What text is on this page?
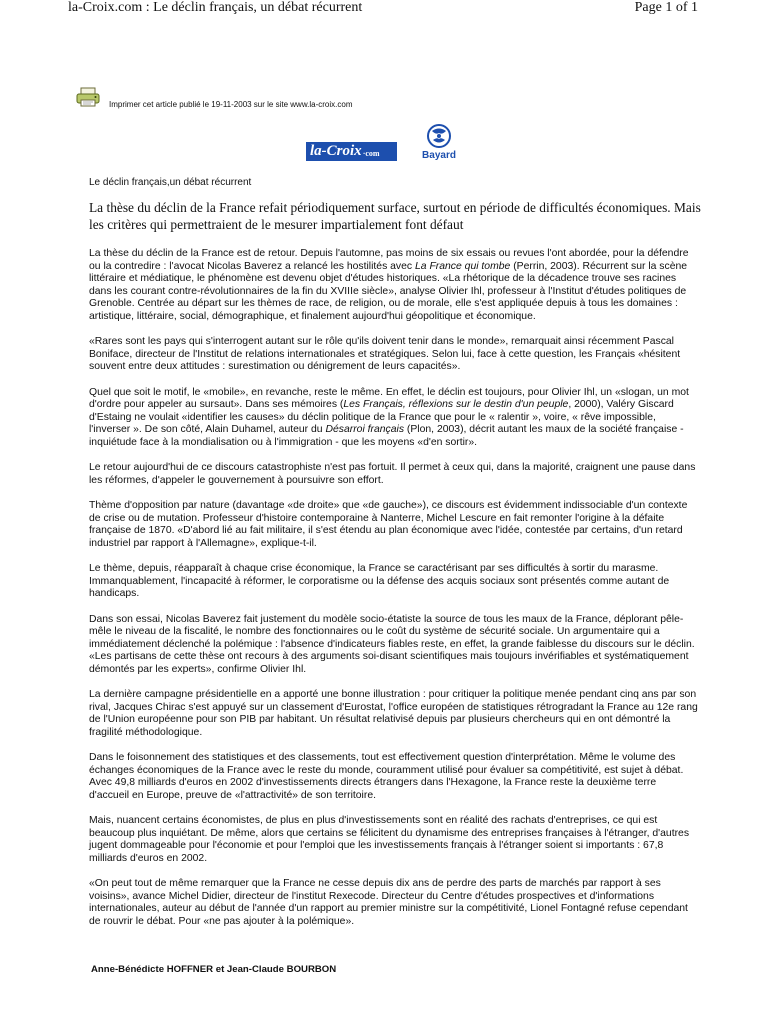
la-Croix.com : Le déclin français, un débat récurrent	Page 1 of 1
Imprimer cet article publié le 19-11-2003 sur le site www.la-croix.com
la-Croix ·com	Bayard
Le déclin français,un débat récurrent
La thèse du déclin de la France refait périodiquement surface, surtout en période de difficultés économiques. Mais les critères qui permettraient de le mesurer impartialement font défaut

La thèse du déclin de la France est de retour. Depuis l'automne, pas moins de six essais ou revues l'ont abordée, pour la défendre ou la contredire : l'avocat Nicolas Baverez a relancé les hostilités avec La France qui tombe (Perrin, 2003). Récurrent sur la scène littéraire et médiatique, le phénomène est devenu objet d'études historiques. «La rhétorique de la décadence trouve ses racines dans les courant contre-révolutionnaires de la fin du XVIIIe siècle», analyse Olivier Ihl, professeur à l'Institut d'études politiques de Grenoble. Centrée au départ sur les thèmes de race, de religion, ou de morale, elle s'est appliquée depuis à tous les domaines : artistique, littéraire, social, démographique, et finalement aujourd'hui géopolitique et économique.

«Rares sont les pays qui s'interrogent autant sur le rôle qu'ils doivent tenir dans le monde», remarquait ainsi récemment Pascal Boniface, directeur de l'Institut de relations internationales et stratégiques. Selon lui, face à cette question, les Français «hésitent souvent entre deux attitudes : surestimation ou dénigrement de leurs capacités».

Quel que soit le motif, le «mobile», en revanche, reste le même. En effet, le déclin est toujours, pour Olivier Ihl, un «slogan, un mot d'ordre pour appeler au sursaut». Dans ses mémoires (Les Français, réflexions sur le destin d'un peuple, 2000), Valéry Giscard d'Estaing ne voulait «identifier les causes» du déclin politique de la France que pour le « ralentir », voire, « rêve impossible, l'inverser ». De son côté, Alain Duhamel, auteur du Désarroi français (Plon, 2003), décrit autant les maux de la société française - inquiétude face à la mondialisation ou à l'immigration - que les moyens «d'en sortir».

Le retour aujourd'hui de ce discours catastrophiste n'est pas fortuit. Il permet à ceux qui, dans la majorité, craignent une pause dans les réformes, d'appeler le gouvernement à poursuivre son effort.

Thème d'opposition par nature (davantage «de droite» que «de gauche»), ce discours est évidemment indissociable d'un contexte de crise ou de mutation. Professeur d'histoire contemporaine à Nanterre, Michel Lescure en fait remonter l'origine à la défaite française de 1870. «D'abord lié au fait militaire, il s'est étendu au plan économique avec l'idée, contestée par certains, d'un retard industriel par rapport à l'Allemagne», explique-t-il.

Le thème, depuis, réapparaît à chaque crise économique, la France se caractérisant par ses difficultés à sortir du marasme. Immanquablement, l'incapacité à réformer, le corporatisme ou la défense des acquis sociaux sont présentés comme autant de handicaps.

Dans son essai, Nicolas Baverez fait justement du modèle socio-étatiste la source de tous les maux de la France, déplorant pêle-mêle le niveau de la fiscalité, le nombre des fonctionnaires ou le coût du système de sécurité sociale. Un argumentaire qui a immédiatement déclenché la polémique : l'absence d'indicateurs fiables reste, en effet, la grande faiblesse du discours sur le déclin. «Les partisans de cette thèse ont recours à des arguments soi-disant scientifiques mais toujours invérifiables et systématiquement démontés par les experts», confirme Olivier Ihl.

La dernière campagne présidentielle en a apporté une bonne illustration : pour critiquer la politique menée pendant cinq ans par son rival, Jacques Chirac s'est appuyé sur un classement d'Eurostat, l'office européen de statistiques rétrogradant la France au 12e rang de l'Union européenne pour son PIB par habitant. Un résultat relativisé depuis par plusieurs chercheurs qui en ont démontré la fragilité méthodologique.

Dans le foisonnement des statistiques et des classements, tout est effectivement question d'interprétation. Même le volume des échanges économiques de la France avec le reste du monde, couramment utilisé pour évaluer sa compétitivité, est sujet à débat. Avec 49,8 milliards d'euros en 2002 d'investissements directs étrangers dans l'Hexagone, la France reste la deuxième terre d'accueil en Europe, preuve de «l'attractivité» de son territoire.

Mais, nuancent certains économistes, de plus en plus d'investissements sont en réalité des rachats d'entreprises, ce qui est beaucoup plus inquiétant. De même, alors que certains se félicitent du dynamisme des entreprises françaises à l'étranger, d'autres jugent dommageable pour l'économie et pour l'emploi que les investissements français à l'étranger soient si importants : 67,8 milliards d'euros en 2002.

«On peut tout de même remarquer que la France ne cesse depuis dix ans de perdre des parts de marchés par rapport à ses voisins», avance Michel Didier, directeur de l'institut Rexecode. Directeur du Centre d'études prospectives et d'informations internationales, auteur au début de l'année d'un rapport au premier ministre sur la compétitivité, Lionel Fontagné refuse cependant de rouvrir le débat. Pour «ne pas ajouter à la polémique».

Anne-Bénédicte HOFFNER et Jean-Claude BOURBON
